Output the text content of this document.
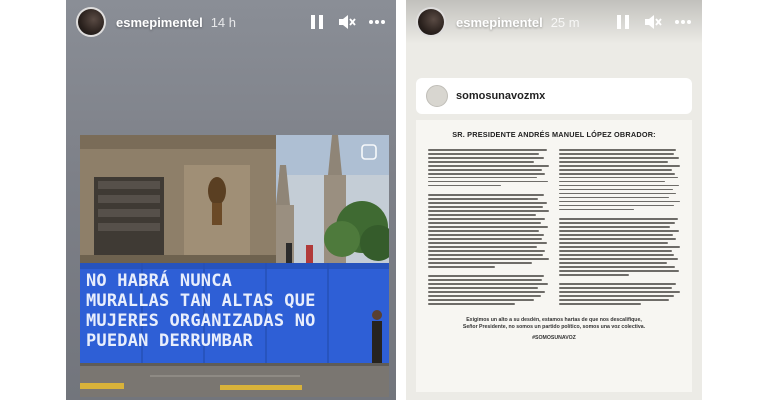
esmepimentel 14 h
NO HABRÁ NUNCA
MURALLAS TAN ALTAS QUE
MUJERES ORGANIZADAS NO
PUEDAN DERRUMBAR
esmepimentel 25 m
somosunavozmx
SR. PRESIDENTE ANDRÉS MANUEL LÓPEZ OBRADOR:
Exigimos un alto a su desdén, estamos hartas de que nos descalifique,
Señor Presidente, no somos un partido político, somos una voz colectiva.
#SOMOSUNAVOZ
